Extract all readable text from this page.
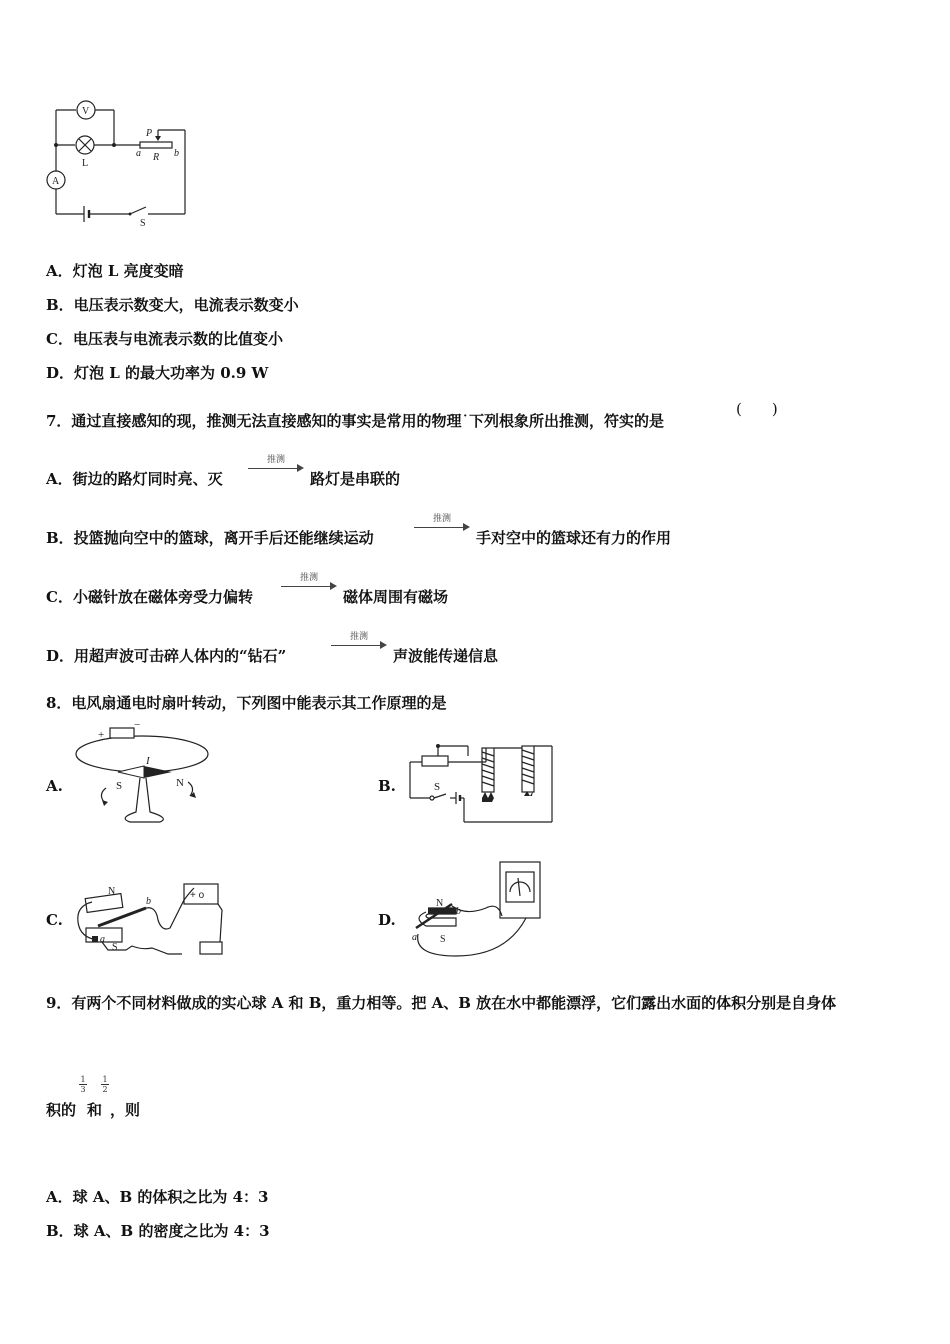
V
A
L
P
a R b
S
A．灯泡 L 亮度变暗
B．电压表示数变大，电流表示数变小
C．电压表与电流表示数的比值变小
D．灯泡 L 的最大功率为 0.9 W
7．通过直接感知的现，推测无法直接感知的事实是常用的物理˙下列根象所出推测，符实的是
(　　)
A．街边的路灯同时亮、灭
推测
路灯是串联的
B．投篮抛向空中的篮球，离开手后还能继续运动
推测
手对空中的篮球还有力的作用
C．小磁针放在磁体旁受力偏转
推测
磁体周围有磁场
D．用超声波可击碎人体内的“钻石”
推测
声波能传递信息
8．电风扇通电时扇叶转动，下列图中能表示其工作原理的是
A.
+
−
I
S	N	B.	S
C.
N
S
a
b
+ o
D.
N
S
a
b
9．有两个不同材料做成的实心球 A 和 B，重力相等。把 A、B 放在水中都能漂浮，它们露出水面的体积分别是自身体
积的
$\frac{1}{3}$
和
$\frac{1}{2}$
，则
A．球 A、B 的体积之比为 4：3
B．球 A、B 的密度之比为 4：3
